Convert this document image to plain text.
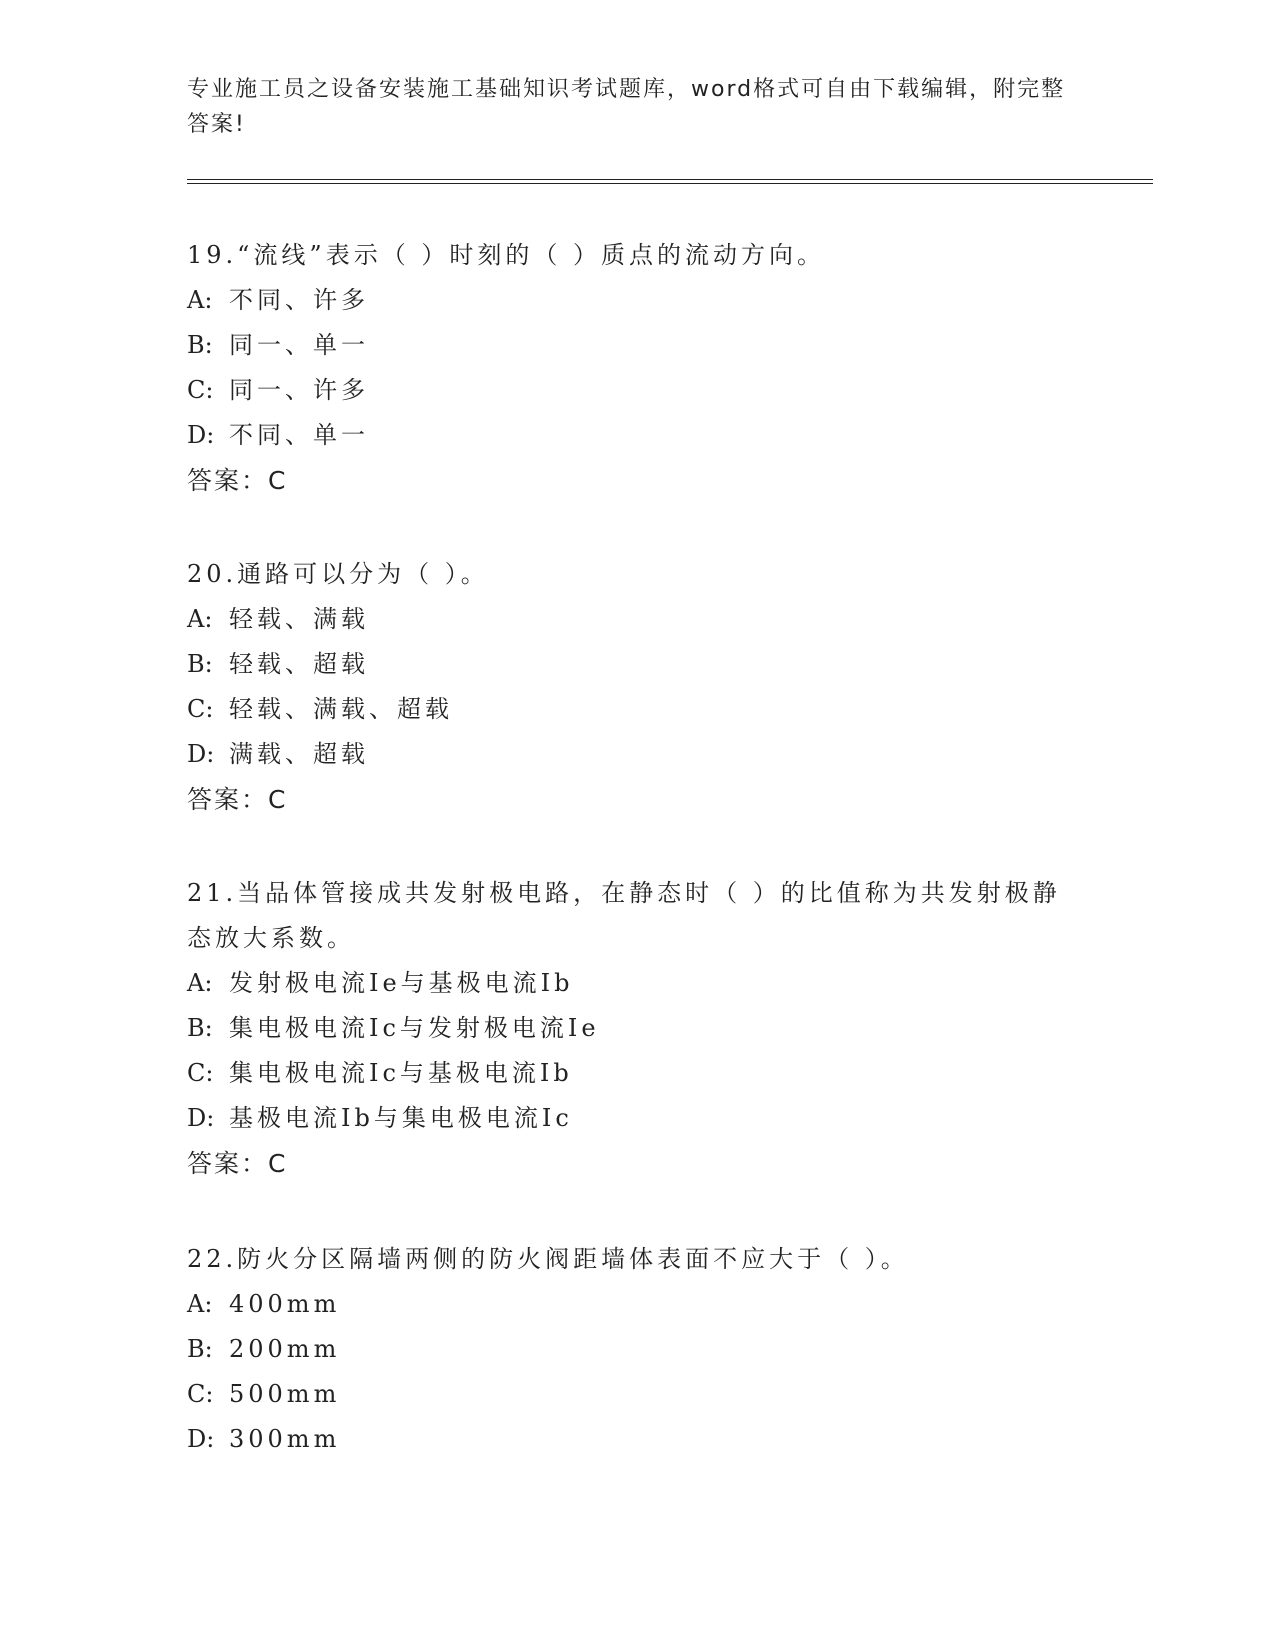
专业施工员之设备安装施工基础知识考试题库，word格式可自由下载编辑，附完整答案!

19.“流线”表示（ ）时刻的（ ）质点的流动方向。

A: 不同、许多

B: 同一、单一

C: 同一、许多

D: 不同、单一

答案：C

20.通路可以分为（ ）。

A: 轻载、满载

B: 轻载、超载

C: 轻载、满载、超载

D: 满载、超载

答案：C

21.当品体管接成共发射极电路，在静态时（ ）的比值称为共发射极静态放大系数。

A: 发射极电流Ie与基极电流Ib

B: 集电极电流Ic与发射极电流Ie

C: 集电极电流Ic与基极电流Ib

D: 基极电流Ib与集电极电流Ic

答案：C

22.防火分区隔墙两侧的防火阀距墙体表面不应大于（ ）。

A: 400mm

B: 200mm

C: 500mm

D: 300mm
